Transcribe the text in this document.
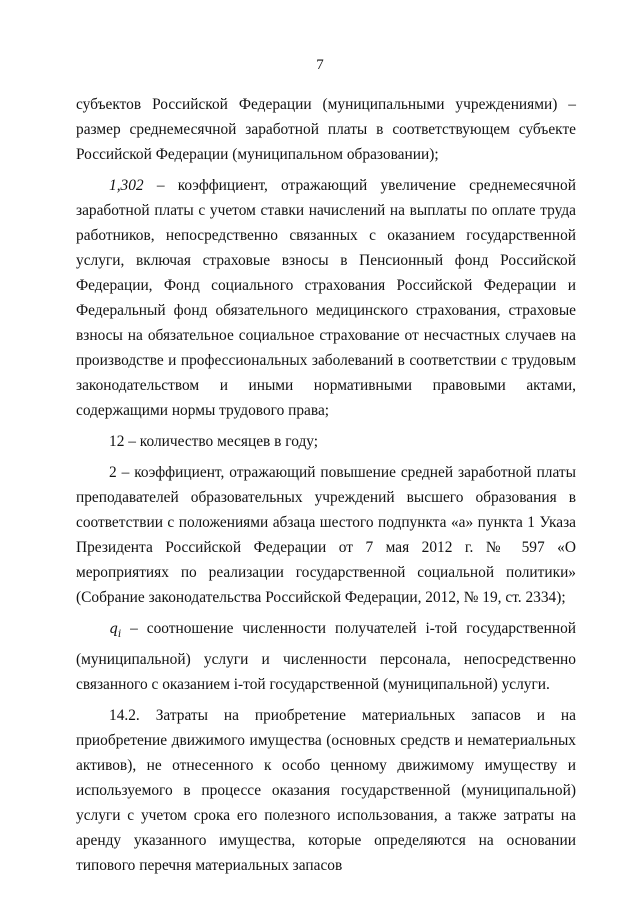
7

субъектов Российской Федерации (муниципальными учреждениями) – размер среднемесячной заработной платы в соответствующем субъекте Российской Федерации (муниципальном образовании);

1,302 – коэффициент, отражающий увеличение среднемесячной заработной платы с учетом ставки начислений на выплаты по оплате труда работников, непосредственно связанных с оказанием государственной услуги, включая страховые взносы в Пенсионный фонд Российской Федерации, Фонд социального страхования Российской Федерации и Федеральный фонд обязательного медицинского страхования, страховые взносы на обязательное социальное страхование от несчастных случаев на производстве и профессиональных заболеваний в соответствии с трудовым законодательством и иными нормативными правовыми актами, содержащими нормы трудового права;

12 – количество месяцев в году;

2 – коэффициент, отражающий повышение средней заработной платы преподавателей образовательных учреждений высшего образования в соответствии с положениями абзаца шестого подпункта «а» пункта 1 Указа Президента Российской Федерации от 7 мая 2012 г. № 597 «О мероприятиях по реализации государственной социальной политики» (Собрание законодательства Российской Федерации, 2012, № 19, ст. 2334);

$q_i$ – соотношение численности получателей i-той государственной (муниципальной) услуги и численности персонала, непосредственно связанного с оказанием i-той государственной (муниципальной) услуги.

14.2. Затраты на приобретение материальных запасов и на приобретение движимого имущества (основных средств и нематериальных активов), не отнесенного к особо ценному движимому имуществу и используемого в процессе оказания государственной (муниципальной) услуги с учетом срока его полезного использования, а также затраты на аренду указанного имущества, которые определяются на основании типового перечня материальных запасов
